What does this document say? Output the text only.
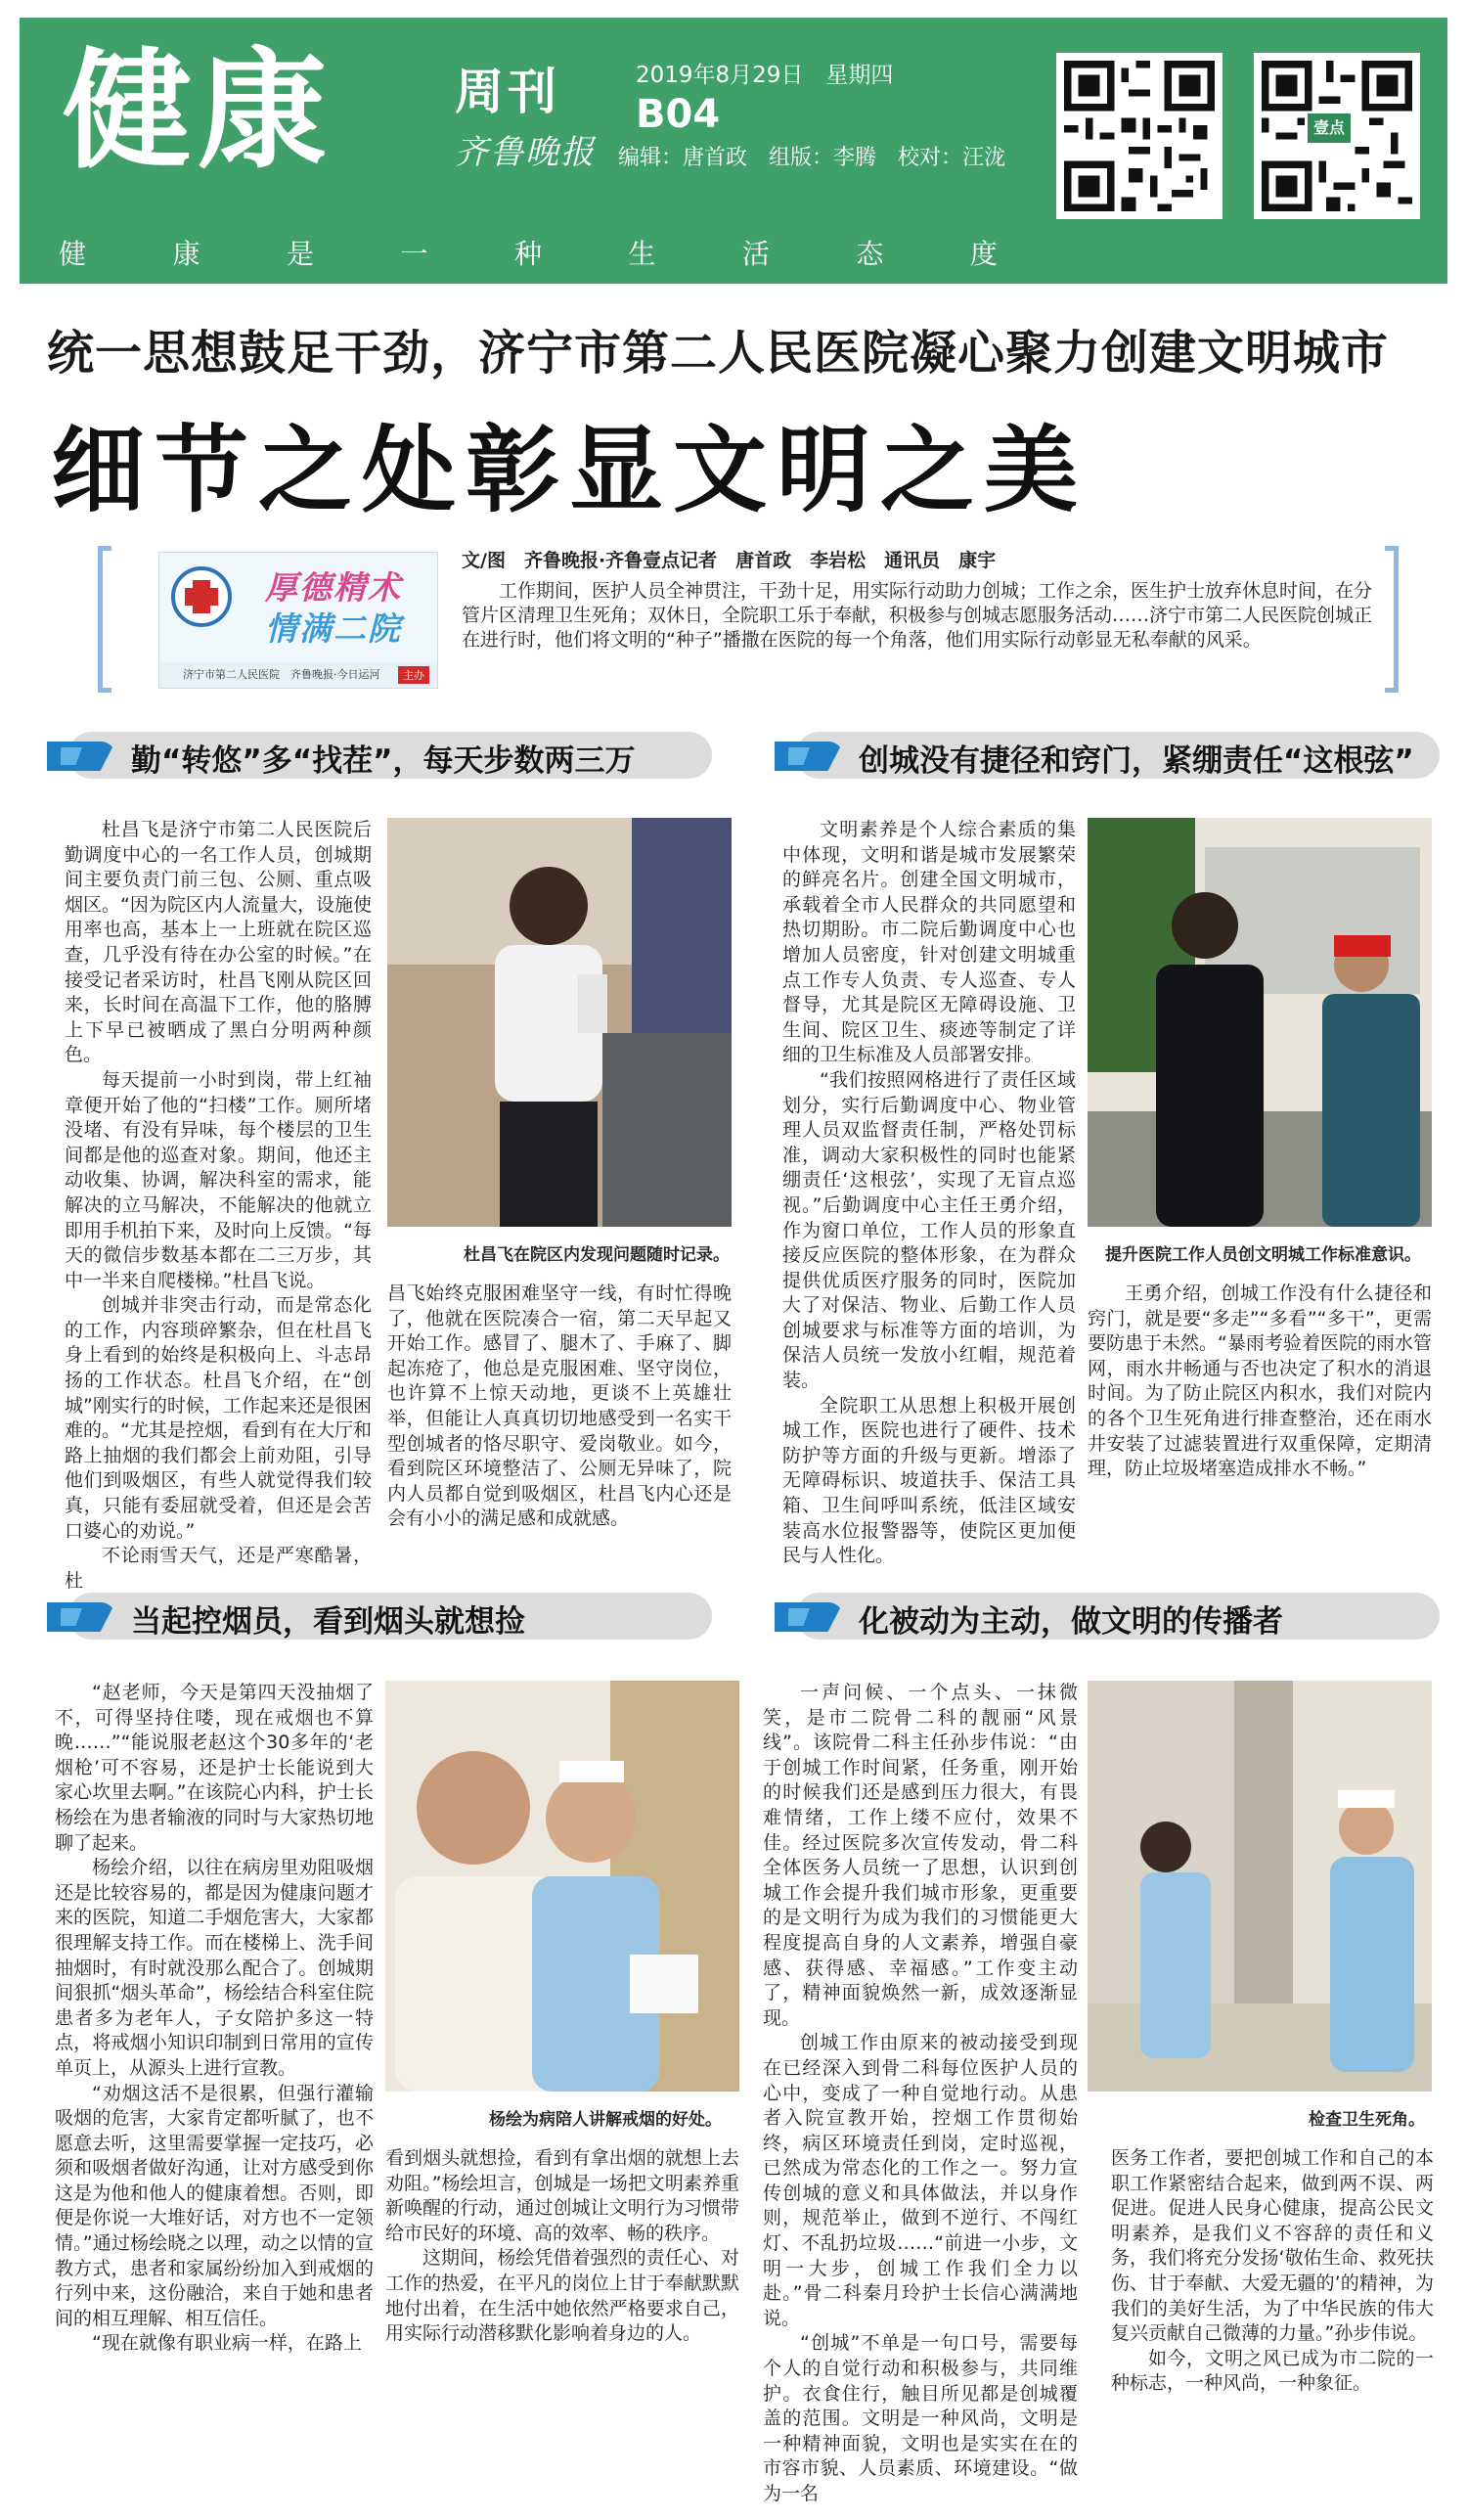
健康	周刊
齐鲁晚报
2019年8月29日　星期四
B04
编辑：唐首政　组版：李腾　校对：汪泷
健	康	是	一	种	生	活	态	度
壹点
统一思想鼓足干劲，济宁市第二人民医院凝心聚力创建文明城市
细节之处彰显文明之美
厚德精术
情满二院
济宁市第二人民医院　齐鲁晚报·今日运河	主办
文/图　齐鲁晚报·齐鲁壹点记者　唐首政　李岩松　通讯员　康宇
工作期间，医护人员全神贯注，干劲十足，用实际行动助力创城；工作之余，医生护士放弃休息时间，在分管片区清理卫生死角；双休日，全院职工乐于奉献，积极参与创城志愿服务活动……济宁市第二人民医院创城正在进行时，他们将文明的“种子”播撒在医院的每一个角落，他们用实际行动彰显无私奉献的风采。
勤“转悠”多“找茬”，每天步数两三万

杜昌飞是济宁市第二人民医院后勤调度中心的一名工作人员，创城期间主要负责门前三包、公厕、重点吸烟区。“因为院区内人流量大，设施使用率也高，基本上一上班就在院区巡查，几乎没有待在办公室的时候。”在接受记者采访时，杜昌飞刚从院区回来，长时间在高温下工作，他的胳膊上下早已被晒成了黑白分明两种颜色。

每天提前一小时到岗，带上红袖章便开始了他的“扫楼”工作。厕所堵没堵、有没有异味，每个楼层的卫生间都是他的巡查对象。期间，他还主动收集、协调，解决科室的需求，能解决的立马解决，不能解决的他就立即用手机拍下来，及时向上反馈。“每天的微信步数基本都在二三万步，其中一半来自爬楼梯。”杜昌飞说。

创城并非突击行动，而是常态化的工作，内容琐碎繁杂，但在杜昌飞身上看到的始终是积极向上、斗志昂扬的工作状态。杜昌飞介绍，在“创城”刚实行的时候，工作起来还是很困难的。“尤其是控烟，看到有在大厅和路上抽烟的我们都会上前劝阻，引导他们到吸烟区，有些人就觉得我们较真，只能有委屈就受着，但还是会苦口婆心的劝说。”

不论雨雪天气，还是严寒酷暑，杜

杜昌飞在院区内发现问题随时记录。

昌飞始终克服困难坚守一线，有时忙得晚了，他就在医院凑合一宿，第二天早起又开始工作。感冒了、腿木了、手麻了、脚起冻疮了，他总是克服困难、坚守岗位，也许算不上惊天动地，更谈不上英雄壮举，但能让人真真切切地感受到一名实干型创城者的恪尽职守、爱岗敬业。如今，看到院区环境整洁了、公厕无异味了，院内人员都自觉到吸烟区，杜昌飞内心还是会有小小的满足感和成就感。

创城没有捷径和窍门，紧绷责任“这根弦”

文明素养是个人综合素质的集中体现，文明和谐是城市发展繁荣的鲜亮名片。创建全国文明城市，承载着全市人民群众的共同愿望和热切期盼。市二院后勤调度中心也增加人员密度，针对创建文明城重点工作专人负责、专人巡查、专人督导，尤其是院区无障碍设施、卫生间、院区卫生、痰迹等制定了详细的卫生标准及人员部署安排。

“我们按照网格进行了责任区域划分，实行后勤调度中心、物业管理人员双监督责任制，严格处罚标准，调动大家积极性的同时也能紧绷责任‘这根弦’，实现了无盲点巡视。”后勤调度中心主任王勇介绍，作为窗口单位，工作人员的形象直接反应医院的整体形象，在为群众提供优质医疗服务的同时，医院加大了对保洁、物业、后勤工作人员创城要求与标准等方面的培训，为保洁人员统一发放小红帽，规范着装。

全院职工从思想上积极开展创城工作，医院也进行了硬件、技术防护等方面的升级与更新。增添了无障碍标识、坡道扶手、保洁工具箱、卫生间呼叫系统，低洼区域安装高水位报警器等，使院区更加便民与人性化。

提升医院工作人员创文明城工作标准意识。

王勇介绍，创城工作没有什么捷径和窍门，就是要“多走”“多看”“多干”，更需要防患于未然。“暴雨考验着医院的雨水管网，雨水井畅通与否也决定了积水的消退时间。为了防止院区内积水，我们对院内的各个卫生死角进行排查整治，还在雨水井安装了过滤装置进行双重保障，定期清理，防止垃圾堵塞造成排水不畅。”

当起控烟员，看到烟头就想捡

“赵老师，今天是第四天没抽烟了不，可得坚持住喽，现在戒烟也不算晚……”“能说服老赵这个30多年的‘老烟枪’可不容易，还是护士长能说到大家心坎里去啊。”在该院心内科，护士长杨绘在为患者输液的同时与大家热切地聊了起来。

杨绘介绍，以往在病房里劝阻吸烟还是比较容易的，都是因为健康问题才来的医院，知道二手烟危害大，大家都很理解支持工作。而在楼梯上、洗手间抽烟时，有时就没那么配合了。创城期间狠抓“烟头革命”，杨绘结合科室住院患者多为老年人，子女陪护多这一特点，将戒烟小知识印制到日常用的宣传单页上，从源头上进行宣教。

“劝烟这活不是很累，但强行灌输吸烟的危害，大家肯定都听腻了，也不愿意去听，这里需要掌握一定技巧，必须和吸烟者做好沟通，让对方感受到你这是为他和他人的健康着想。否则，即便是你说一大堆好话，对方也不一定领情。”通过杨绘晓之以理，动之以情的宣教方式，患者和家属纷纷加入到戒烟的行列中来，这份融洽，来自于她和患者间的相互理解、相互信任。

“现在就像有职业病一样，在路上

杨绘为病陪人讲解戒烟的好处。

看到烟头就想捡，看到有拿出烟的就想上去劝阻。”杨绘坦言，创城是一场把文明素养重新唤醒的行动，通过创城让文明行为习惯带给市民好的环境、高的效率、畅的秩序。

这期间，杨绘凭借着强烈的责任心、对工作的热爱，在平凡的岗位上甘于奉献默默地付出着，在生活中她依然严格要求自己，用实际行动潜移默化影响着身边的人。

化被动为主动，做文明的传播者

一声问候、一个点头、一抹微笑，是市二院骨二科的靓丽“风景线”。该院骨二科主任孙步伟说：“由于创城工作时间紧，任务重，刚开始的时候我们还是感到压力很大，有畏难情绪，工作上缕不应付，效果不佳。经过医院多次宣传发动，骨二科全体医务人员统一了思想，认识到创城工作会提升我们城市形象，更重要的是文明行为成为我们的习惯能更大程度提高自身的人文素养，增强自豪感、获得感、幸福感。”工作变主动了，精神面貌焕然一新，成效逐渐显现。

创城工作由原来的被动接受到现在已经深入到骨二科每位医护人员的心中，变成了一种自觉地行动。从患者入院宣教开始，控烟工作贯彻始终，病区环境责任到岗，定时巡视，已然成为常态化的工作之一。努力宣传创城的意义和具体做法，并以身作则，规范举止，做到不逆行、不闯红灯、不乱扔垃圾……“前进一小步，文明一大步，创城工作我们全力以赴。”骨二科秦月玲护士长信心满满地说。

“创城”不单是一句口号，需要每个人的自觉行动和积极参与，共同维护。衣食住行，触目所见都是创城覆盖的范围。文明是一种风尚，文明是一种精神面貌，文明也是实实在在的市容市貌、人员素质、环境建设。“做为一名

检查卫生死角。

医务工作者，要把创城工作和自己的本职工作紧密结合起来，做到两不误、两促进。促进人民身心健康，提高公民文明素养，是我们义不容辞的责任和义务，我们将充分发扬‘敬佑生命、救死扶伤、甘于奉献、大爱无疆的’的精神，为我们的美好生活，为了中华民族的伟大复兴贡献自己微薄的力量。”孙步伟说。

如今，文明之风已成为市二院的一种标志，一种风尚，一种象征。
